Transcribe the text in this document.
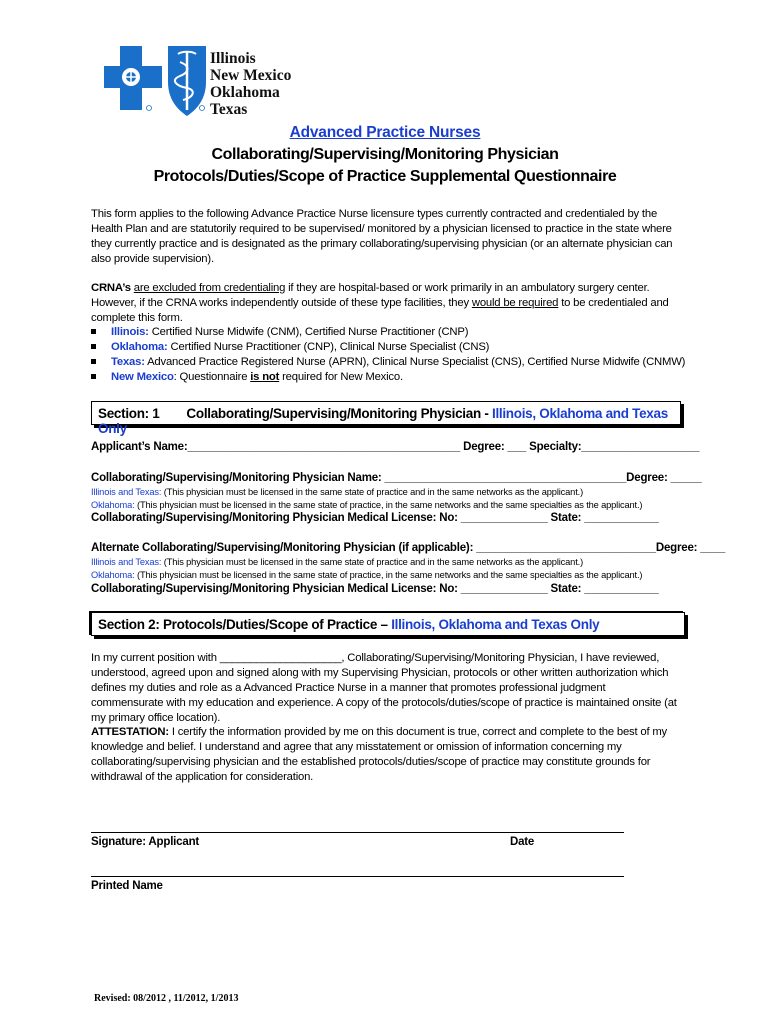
Illinois
New Mexico
Oklahoma
Texas
Advanced Practice Nurses
Collaborating/Supervising/Monitoring Physician
Protocols/Duties/Scope of Practice Supplemental Questionnaire
This form applies to the following Advance Practice Nurse licensure types currently contracted and credentialed by the Health Plan and are statutorily required to be supervised/ monitored by a physician licensed to practice in the state where they currently practice and is designated as the primary collaborating/supervising physician (or an alternate physician can also provide supervision).
CRNA’s are excluded from credentialing if they are hospital-based or work primarily in an ambulatory surgery center. However, if the CRNA works independently outside of these type facilities, they would be required to be credentialed and complete this form.
Illinois: Certified Nurse Midwife (CNM), Certified Nurse Practitioner (CNP)
Oklahoma: Certified Nurse Practitioner (CNP), Clinical Nurse Specialist (CNS)
Texas: Advanced Practice Registered Nurse (APRN), Clinical Nurse Specialist (CNS), Certified Nurse Midwife (CNMW)
New Mexico: Questionnaire is not required for New Mexico.
Section: 1 Collaborating/Supervising/Monitoring Physician - Illinois, Oklahoma and Texas Only
Applicant’s Name:____________________________________________ Degree: ___ Specialty:___________________
Collaborating/Supervising/Monitoring Physician Name: _______________________________________Degree: _____
Illinois and Texas: (This physician must be licensed in the same state of practice and in the same networks as the applicant.)
Oklahoma: (This physician must be licensed in the same state of practice, in the same networks and the same specialties as the applicant.)
Collaborating/Supervising/Monitoring Physician Medical License: No: ______________ State: ____________
Alternate Collaborating/Supervising/Monitoring Physician (if applicable): _____________________________Degree: ____
Illinois and Texas: (This physician must be licensed in the same state of practice and in the same networks as the applicant.)
Oklahoma: (This physician must be licensed in the same state of practice, in the same networks and the same specialties as the applicant.)
Collaborating/Supervising/Monitoring Physician Medical License: No: ______________ State: ____________
Section 2: Protocols/Duties/Scope of Practice – Illinois, Oklahoma and Texas Only
In my current position with ____________________, Collaborating/Supervising/Monitoring Physician, I have reviewed, understood, agreed upon and signed along with my Supervising Physician, protocols or other written authorization which defines my duties and role as a Advanced Practice Nurse in a manner that promotes professional judgment commensurate with my education and experience. A copy of the protocols/duties/scope of practice is maintained onsite (at my primary office location).
ATTESTATION: I certify the information provided by me on this document is true, correct and complete to the best of my knowledge and belief. I understand and agree that any misstatement or omission of information concerning my collaborating/supervising physician and the established protocols/duties/scope of practice may constitute grounds for withdrawal of the application for consideration.
Signature: Applicant	Date
Printed Name
Revised: 08/2012 , 11/2012, 1/2013
